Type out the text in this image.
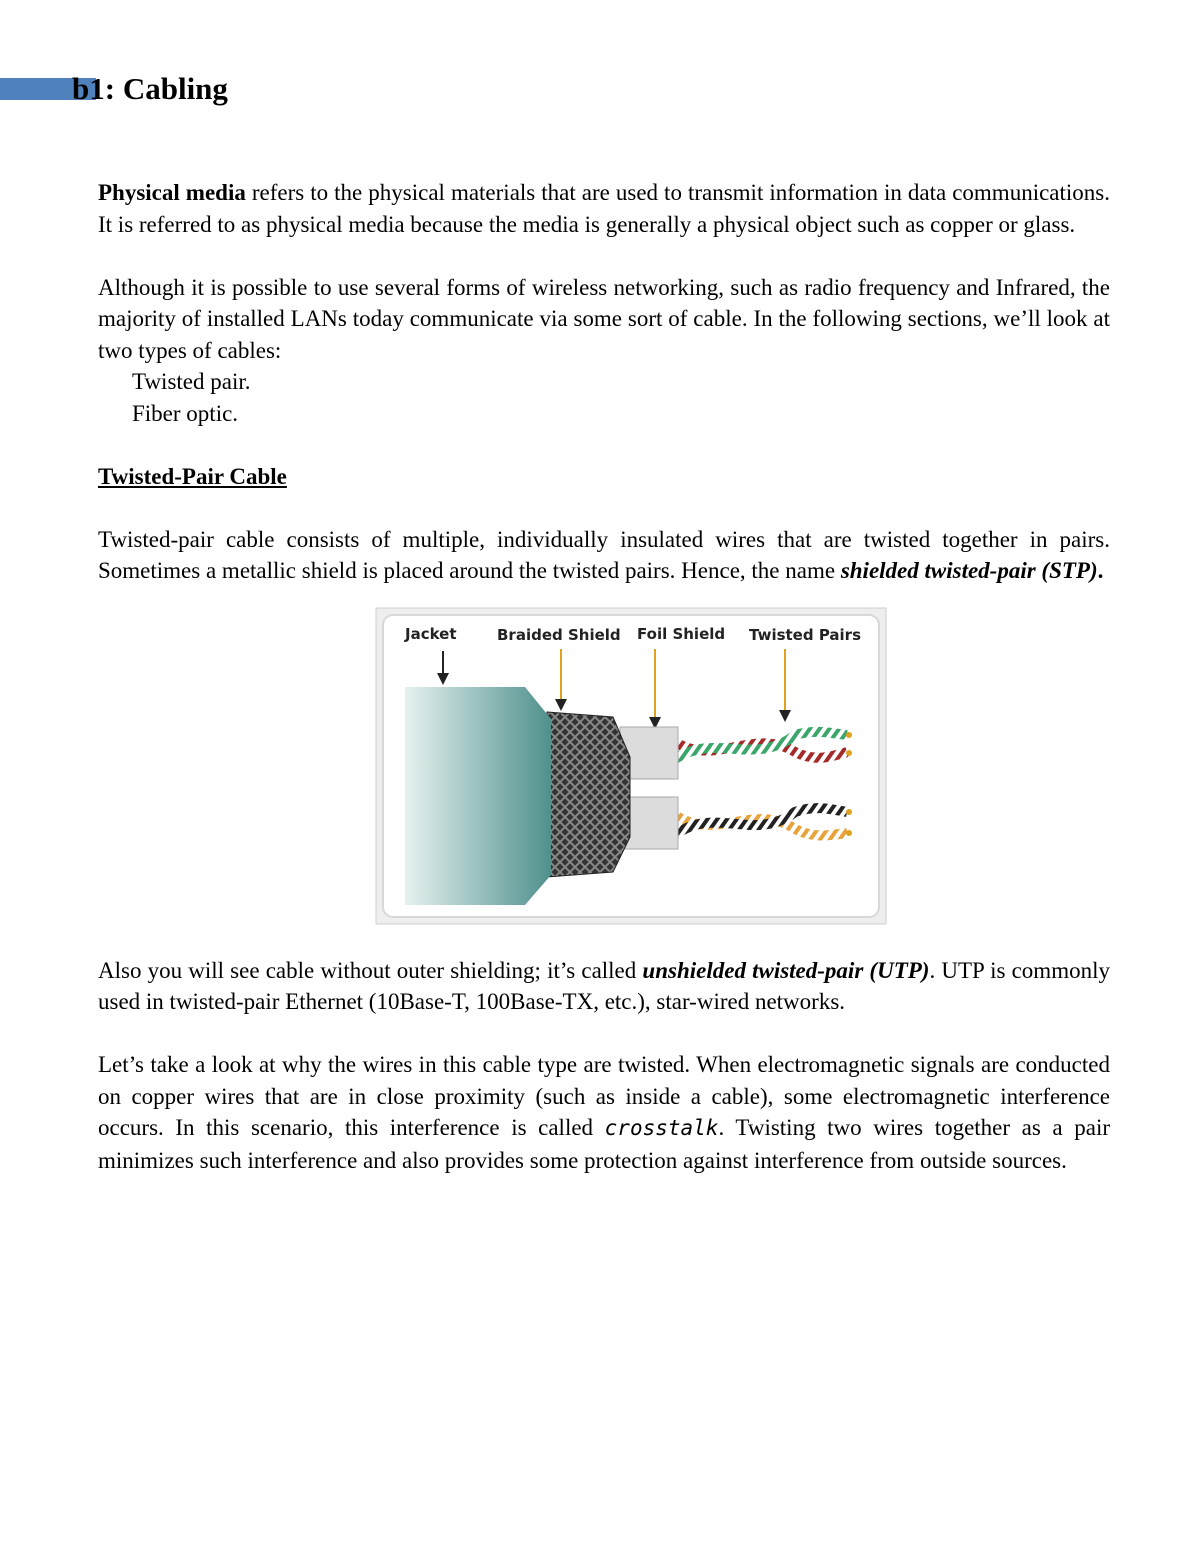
b1: Cabling

Physical media refers to the physical materials that are used to transmit information in data communications. It is referred to as physical media because the media is generally a physical object such as copper or glass.

Although it is possible to use several forms of wireless networking, such as radio frequency and Infrared, the majority of installed LANs today communicate via some sort of cable. In the following sections, we’ll look at two types of cables:

Twisted pair.
Fiber optic.
Twisted-Pair Cable

Twisted-pair cable consists of multiple, individually insulated wires that are twisted together in pairs. Sometimes a metallic shield is placed around the twisted pairs. Hence, the name shielded twisted-pair (STP).

Jacket	Braided Shield Foil Shield Twisted Pairs

Also you will see cable without outer shielding; it’s called unshielded twisted-pair (UTP). UTP is commonly used in twisted-pair Ethernet (10Base-T, 100Base-TX, etc.), star-wired networks.

Let’s take a look at why the wires in this cable type are twisted. When electromagnetic signals are conducted on copper wires that are in close proximity (such as inside a cable), some electromagnetic interference occurs. In this scenario, this interference is called crosstalk. Twisting two wires together as a pair minimizes such interference and also provides some protection against interference from outside sources.
